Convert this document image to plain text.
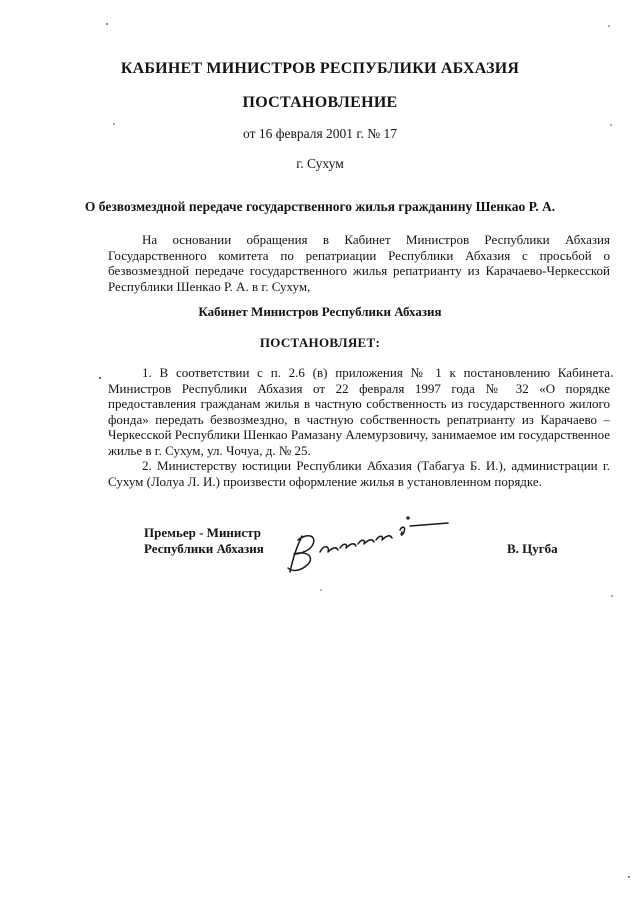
КАБИНЕТ МИНИСТРОВ РЕСПУБЛИКИ АБХАЗИЯ
ПОСТАНОВЛЕНИЕ
от 16 февраля 2001 г. № 17
г. Сухум
О безвозмездной передаче государственного жилья гражданину Шенкао Р. А.

На основании обращения в Кабинет Министров Республики Абхазия Государственного комитета по репатриации Республики Абхазия с просьбой о безвозмездной передаче государственного жилья репатрианту из Карачаево-Черкесской Республики Шенкао Р. А. в г. Сухум,

Кабинет Министров Республики Абхазия
ПОСТАНОВЛЯЕТ:

1. В соответствии с п. 2.6 (в) приложения № 1 к постановлению Кабинета Министров Республики Абхазия от 22 февраля 1997 года № 32 «О порядке предоставления гражданам жилья в частную собственность из государственного жилого фонда» передать безвозмездно, в частную собственность репатрианту из Карачаево – Черкесской Республики Шенкао Рамазану Алемурзовичу, занимаемое им государственное жилье в г. Сухум, ул. Чочуа, д. № 25.

2. Министерству юстиции Республики Абхазия (Табагуа Б. И.), администрации г. Сухум (Лолуа Л. И.) произвести оформление жилья в установленном порядке.

Премьер - Министр
Республики Абхазия	В. Цугба
